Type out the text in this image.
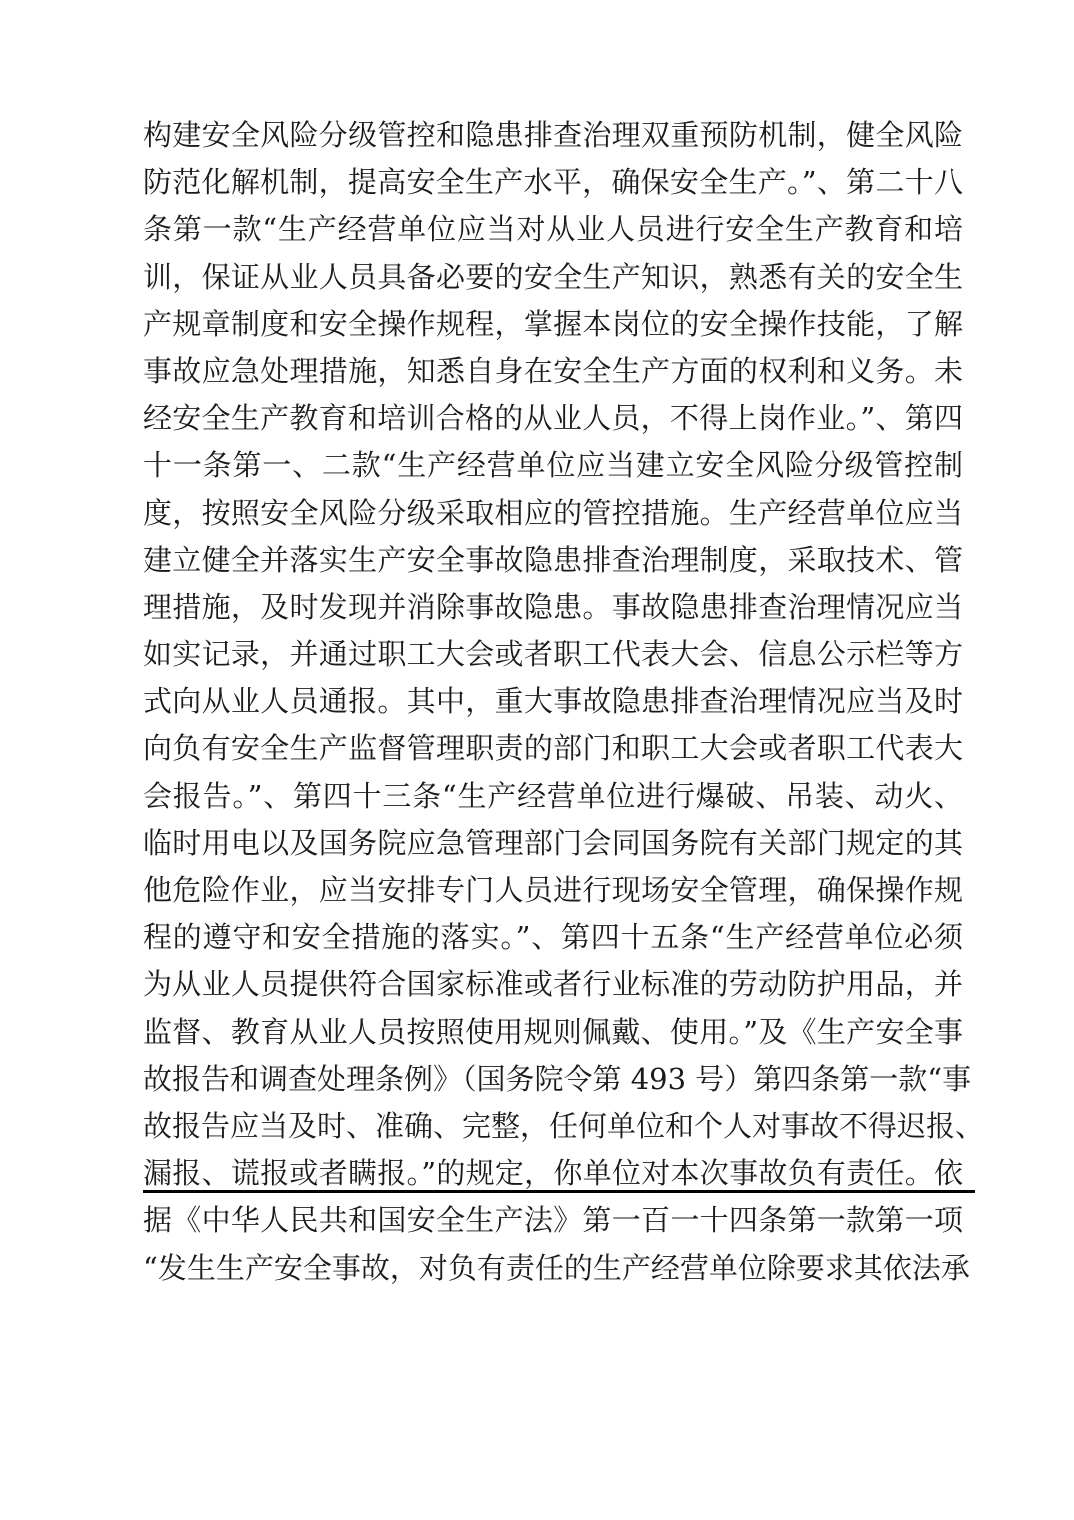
构建安全风险分级管控和隐患排查治理双重预防机制，健全风险
防范化解机制，提高安全生产水平，确保安全生产。”、第二十八
条第一款“生产经营单位应当对从业人员进行安全生产教育和培
训，保证从业人员具备必要的安全生产知识，熟悉有关的安全生
产规章制度和安全操作规程，掌握本岗位的安全操作技能，了解
事故应急处理措施，知悉自身在安全生产方面的权利和义务。未
经安全生产教育和培训合格的从业人员，不得上岗作业。”、第四
十一条第一、二款“生产经营单位应当建立安全风险分级管控制
度，按照安全风险分级采取相应的管控措施。生产经营单位应当
建立健全并落实生产安全事故隐患排查治理制度，采取技术、管
理措施，及时发现并消除事故隐患。事故隐患排查治理情况应当
如实记录，并通过职工大会或者职工代表大会、信息公示栏等方
式向从业人员通报。其中，重大事故隐患排查治理情况应当及时
向负有安全生产监督管理职责的部门和职工大会或者职工代表大
会报告。”、第四十三条“生产经营单位进行爆破、吊装、动火、
临时用电以及国务院应急管理部门会同国务院有关部门规定的其
他危险作业，应当安排专门人员进行现场安全管理，确保操作规
程的遵守和安全措施的落实。”、第四十五条“生产经营单位必须
为从业人员提供符合国家标准或者行业标准的劳动防护用品，并
监督、教育从业人员按照使用规则佩戴、使用。”及《生产安全事
故报告和调查处理条例》（国务院令第 493 号）第四条第一款“事
故报告应当及时、准确、完整，任何单位和个人对事故不得迟报、
漏报、谎报或者瞒报。”的规定，你单位对本次事故负有责任。依
据《中华人民共和国安全生产法》第一百一十四条第一款第一项
“发生生产安全事故，对负有责任的生产经营单位除要求其依法承
